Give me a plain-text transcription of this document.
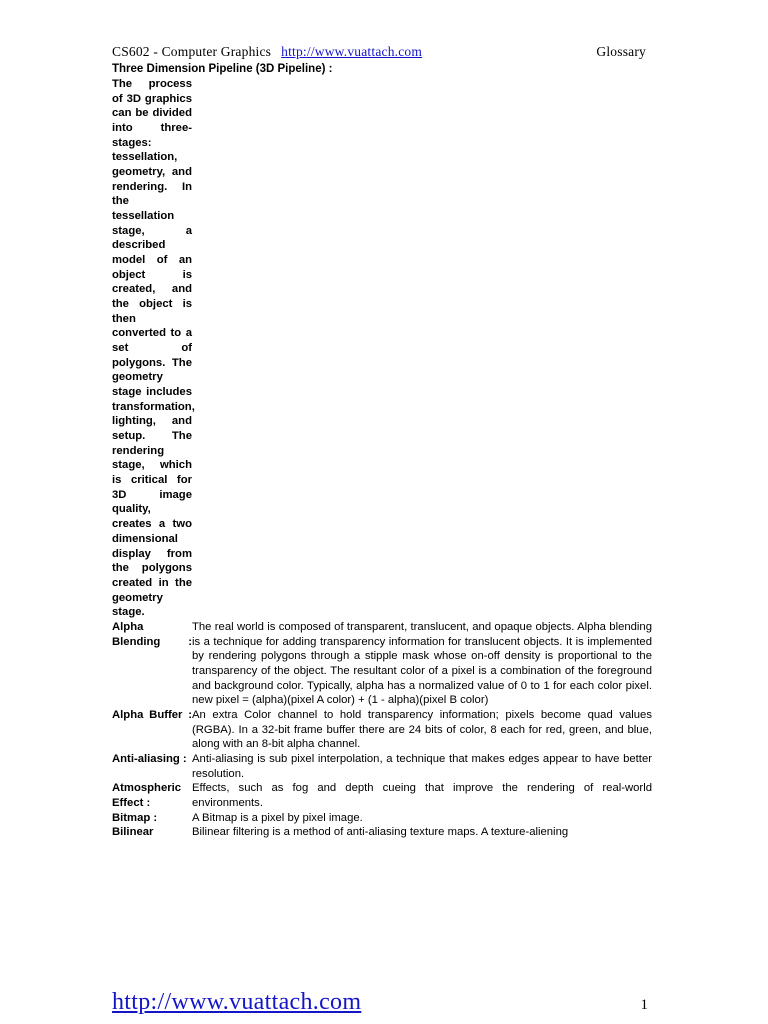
CS602 - Computer Graphics http://www.vuattach.com	Glossary
Three Dimension Pipeline (3D Pipeline) :
The process of 3D graphics can be divided into three-stages: tessellation, geometry, and rendering. In the tessellation stage, a described model of an object is created, and the object is then converted to a set of polygons. The geometry stage includes transformation, lighting, and setup. The rendering stage, which is critical for 3D image quality, creates a two dimensional display from the polygons created in the geometry stage.	
Alpha Blending :	The real world is composed of transparent, translucent, and opaque objects. Alpha blending is a technique for adding transparency information for translucent objects. It is implemented by rendering polygons through a stipple mask whose on-off density is proportional to the transparency of the object. The resultant color of a pixel is a combination of the foreground and background color. Typically, alpha has a normalized value of 0 to 1 for each color pixel. new pixel = (alpha)(pixel A color) + (1 - alpha)(pixel B color)
Alpha Buffer :	An extra Color channel to hold transparency information; pixels become quad values (RGBA). In a 32-bit frame buffer there are 24 bits of color, 8 each for red, green, and blue, along with an 8-bit alpha channel.
Anti-aliasing :	Anti-aliasing is sub pixel interpolation, a technique that makes edges appear to have better resolution.
Atmospheric Effect :	Effects, such as fog and depth cueing that improve the rendering of real-world environments.
Bitmap :	A Bitmap is a pixel by pixel image.
Bilinear	Bilinear filtering is a method of anti-aliasing texture maps. A texture-aliening
http://www.vuattach.com	1
